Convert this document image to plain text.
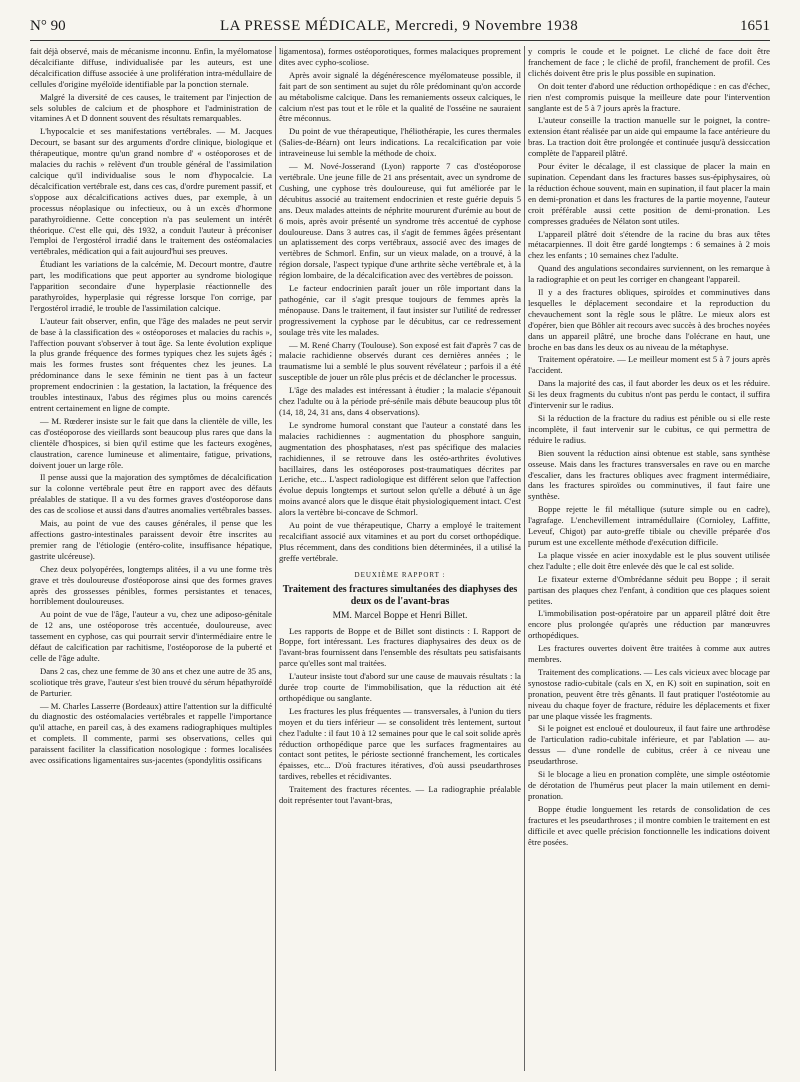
N° 90	LA PRESSE MÉDICALE, Mercredi, 9 Novembre 1938	1651

fait déjà observé, mais de mécanisme inconnu. Enfin, la myélomatose décalcifiante diffuse, individualisée par les auteurs, est une décalcification diffuse associée à une prolifération intra-médullaire de cellules d'origine myéloïde identifiable par la ponction sternale.

Malgré la diversité de ces causes, le traitement par l'injection de sels solubles de calcium et de phosphore et l'administration de vitamines A et D donnent souvent des résultats remarquables.

L'hypocalcie et ses manifestations vertébrales. — M. Jacques Decourt, se basant sur des arguments d'ordre clinique, biologique et thérapeutique, montre qu'un grand nombre d' « ostéoporoses et de malacies du rachis » relèvent d'un trouble général de l'assimilation calcique qu'il individualise sous le nom d'hypocalcie. La décalcification vertébrale est, dans ces cas, d'ordre purement passif, et s'oppose aux décalcifications actives dues, par exemple, à un processus néoplasique ou infectieux, ou à un excès d'hormone parathyroïdienne. Cette conception n'a pas seulement un intérêt théorique. C'est elle qui, dès 1932, a conduit l'auteur à préconiser l'emploi de l'ergostérol irradié dans le traitement des ostéomalacies vertébrales, médication qui a fait aujourd'hui ses preuves.

Étudiant les variations de la calcémie, M. Decourt montre, d'autre part, les modifications que peut apporter au syndrome biologique l'apparition secondaire d'une hyperplasie réactionnelle des parathyroïdes, hyperplasie qui régresse lorsque l'on corrige, par l'ergostérol irradié, le trouble de l'assimilation calcique.

L'auteur fait observer, enfin, que l'âge des malades ne peut servir de base à la classification des « ostéoporoses et malacies du rachis », l'affection pouvant s'observer à tout âge. Sa lente évolution explique la plus grande fréquence des formes typiques chez les sujets âgés ; mais les formes frustes sont fréquentes chez les jeunes. La prédominance dans le sexe féminin ne tient pas à un facteur proprement endocrinien : la gestation, la lactation, la fréquence des troubles intestinaux, l'abus des régimes plus ou moins carencés entrent certainement en ligne de compte.

— M. Rœderer insiste sur le fait que dans la clientèle de ville, les cas d'ostéoporose des vieillards sont beaucoup plus rares que dans la clientèle d'hospices, si bien qu'il estime que les facteurs exogènes, claustration, carence lumineuse et alimentaire, fatigue, privations, doivent jouer un large rôle.

Il pense aussi que la majoration des symptômes de décalcification sur la colonne vertébrale peut être en rapport avec des défauts préalables de statique. Il a vu des formes graves d'ostéoporose dans des cas de scoliose et aussi dans d'autres anomalies vertébrales basses.

Mais, au point de vue des causes générales, il pense que les affections gastro-intestinales paraissent devoir être inscrites au premier rang de l'étiologie (entéro-colite, insuffisance hépatique, gastrite ulcéreuse).

Chez deux polyopérées, longtemps alitées, il a vu une forme très grave et très douloureuse d'ostéoporose ainsi que des formes graves après des grossesses pénibles, formes persistantes et tenaces, horriblement douloureuses.

Au point de vue de l'âge, l'auteur a vu, chez une adiposo-génitale de 12 ans, une ostéoporose très accentuée, douloureuse, avec tassement en cyphose, cas qui pourrait servir d'intermédiaire entre le défaut de calcification par rachitisme, l'ostéoporose de la puberté et celle de l'âge adulte.

Dans 2 cas, chez une femme de 30 ans et chez une autre de 35 ans, scoliotique très grave, l'auteur s'est bien trouvé du sérum hépathyroïdé de Parturier.

— M. Charles Lasserre (Bordeaux) attire l'attention sur la difficulté du diagnostic des ostéomalacies vertébrales et rappelle l'importance qu'il attache, en pareil cas, à des examens radiographiques multiples et complets. Il commente, parmi ses observations, celles qui paraissent faciliter la classification nosologique : formes localisées avec ossifications ligamentaires sus-jacentes (spondylitis ossificans

ligamentosa), formes ostéoporotiques, formes malaciques proprement dites avec cypho-scoliose.

Après avoir signalé la dégénérescence myélomateuse possible, il fait part de son sentiment au sujet du rôle prédominant qu'on accorde au métabolisme calcique. Dans les remaniements osseux calciques, le calcium n'est pas tout et le rôle et la qualité de l'osséine ne sauraient être méconnus.

Du point de vue thérapeutique, l'héliothérapie, les cures thermales (Salies-de-Béarn) ont leurs indications. La recalcification par voie intraveineuse lui semble la méthode de choix.

— M. Nové-Josserand (Lyon) rapporte 7 cas d'ostéoporose vertébrale. Une jeune fille de 21 ans présentait, avec un syndrome de Cushing, une cyphose très douloureuse, qui fut améliorée par le décubitus associé au traitement endocrinien et reste guérie depuis 5 ans. Deux malades atteints de néphrite moururent d'urémie au bout de 6 mois, après avoir présenté un syndrome très accentué de cyphose douloureuse. Dans 3 autres cas, il s'agit de femmes âgées présentant un aplatissement des corps vertébraux, associé avec des images de vertèbres de Schmorl. Enfin, sur un vieux malade, on a trouvé, à la région dorsale, l'aspect typique d'une arthrite sèche vertébrale et, à la région lombaire, de la décalcification avec des vertèbres de poisson.

Le facteur endocrinien paraît jouer un rôle important dans la pathogénie, car il s'agit presque toujours de femmes après la ménopause. Dans le traitement, il faut insister sur l'utilité de redresser progressivement la cyphose par le décubitus, car ce redressement soulage très vite les malades.

— M. René Charry (Toulouse). Son exposé est fait d'après 7 cas de malacie rachidienne observés durant ces dernières années ; le traumatisme lui a semblé le plus souvent révélateur ; parfois il a été susceptible de jouer un rôle plus précis et de déclancher le processus.

L'âge des malades est intéressant à étudier ; la malacie s'épanouit chez l'adulte ou à la période pré-sénile mais débute beaucoup plus tôt (14, 18, 24, 31 ans, dans 4 observations).

Le syndrome humoral constant que l'auteur a constaté dans les malacies rachidiennes : augmentation du phosphore sanguin, augmentation des phosphatases, n'est pas spécifique des malacies rachidiennes, il se retrouve dans les ostéo-arthrites évolutives bacillaires, dans les ostéoporoses post-traumatiques décrites par Leriche, etc... L'aspect radiologique est différent selon que l'affection évolue depuis longtemps et surtout selon qu'elle a débuté à un âge moins avancé alors que le disque était physiologiquement intact. C'est alors la vertèbre bi-concave de Schmorl.

Au point de vue thérapeutique, Charry a employé le traitement recalcifiant associé aux vitamines et au port du corset orthopédique. Plus récemment, dans des conditions bien déterminées, il a utilisé la greffe vertébrale.

DEUXIÈME RAPPORT :
Traitement des fractures simultanées des diaphyses des deux os de l'avant-bras
MM. Marcel Boppe et Henri Billet.

Les rapports de Boppe et de Billet sont distincts : I. Rapport de Boppe, fort intéressant. Les fractures diaphysaires des deux os de l'avant-bras fournissent dans l'ensemble des résultats peu satisfaisants parce qu'elles sont mal traitées.

L'auteur insiste tout d'abord sur une cause de mauvais résultats : la durée trop courte de l'immobilisation, que la réduction ait été orthopédique ou sanglante.

Les fractures les plus fréquentes — transversales, à l'union du tiers moyen et du tiers inférieur — se consolident très lentement, surtout chez l'adulte : il faut 10 à 12 semaines pour que le cal soit solide après réduction orthopédique parce que les surfaces fragmentaires au contact sont petites, le périoste sectionné franchement, les corticales épaisses, etc... D'où fractures itératives, d'où aussi pseudarthroses tardives, rebelles et récidivantes.

Traitement des fractures récentes. — La radiographie préalable doit représenter tout l'avant-bras,

y compris le coude et le poignet. Le cliché de face doit être franchement de face ; le cliché de profil, franchement de profil. Ces clichés doivent être pris le plus possible en supination.

On doit tenter d'abord une réduction orthopédique : en cas d'échec, rien n'est compromis puisque la meilleure date pour l'intervention sanglante est de 5 à 7 jours après la fracture.

L'auteur conseille la traction manuelle sur le poignet, la contre-extension étant réalisée par un aide qui empaume la face antérieure du bras. La traction doit être prolongée et continuée jusqu'à dessiccation complète de l'appareil plâtré.

Pour éviter le décalage, il est classique de placer la main en supination. Cependant dans les fractures basses sus-épiphysaires, où la réduction échoue souvent, main en supination, il faut placer la main en demi-pronation et dans les fractures de la partie moyenne, l'auteur croit préférable aussi cette position de demi-pronation. Les compresses graduées de Nélaton sont utiles.

L'appareil plâtré doit s'étendre de la racine du bras aux têtes métacarpiennes. Il doit être gardé longtemps : 6 semaines à 2 mois chez les enfants ; 10 semaines chez l'adulte.

Quand des angulations secondaires surviennent, on les remarque à la radiographie et on peut les corriger en changeant l'appareil.

Il y a des fractures obliques, spiroïdes et comminutives dans lesquelles le déplacement secondaire et la reproduction du chevauchement sont la règle sous le plâtre. Le mieux alors est d'opérer, bien que Böhler ait recours avec succès à des broches noyées dans un appareil plâtré, une broche dans l'olécrane en haut, une broche en bas dans les deux os au niveau de la métaphyse.

Traitement opératoire. — Le meilleur moment est 5 à 7 jours après l'accident.

Dans la majorité des cas, il faut aborder les deux os et les réduire. Si les deux fragments du cubitus n'ont pas perdu le contact, il suffira d'intervenir sur le radius.

Si la réduction de la fracture du radius est pénible ou si elle reste incomplète, il faut intervenir sur le cubitus, ce qui permettra de réduire le radius.

Bien souvent la réduction ainsi obtenue est stable, sans synthèse osseuse. Mais dans les fractures transversales en rave ou en marche d'escalier, dans les fractures obliques avec fragment intermédiaire, dans les fractures spiroïdes ou comminutives, il faut faire une synthèse.

Boppe rejette le fil métallique (suture simple ou en cadre), l'agrafage. L'enchevillement intramédullaire (Cornioley, Laffitte, Leveuf, Chigot) par auto-greffe tibiale ou cheville préparée d'os purum est une excellente méthode d'exécution difficile.

La plaque vissée en acier inoxydable est le plus souvent utilisée chez l'adulte ; elle doit être enlevée dès que le cal est solide.

Le fixateur externe d'Ombrédanne séduit peu Boppe ; il serait partisan des plaques chez l'enfant, à condition que ces plaques soient petites.

L'immobilisation post-opératoire par un appareil plâtré doit être encore plus prolongée qu'après une réduction par manœuvres orthopédiques.

Les fractures ouvertes doivent être traitées à comme aux autres membres.

Traitement des complications. — Les cals vicieux avec blocage par synostose radio-cubitale (cals en X, en K) soit en supination, soit en pronation, peuvent être très gênants. Il faut pratiquer l'ostéotomie au niveau du chaque foyer de fracture, réduire les déplacements et fixer par une plaque vissée les fragments.

Si le poignet est encloué et douloureux, il faut faire une arthrodèse de l'articulation radio-cubitale inférieure, et par l'ablation — au-dessus — d'une rondelle de cubitus, créer à ce niveau une pseudarthrose.

Si le blocage a lieu en pronation complète, une simple ostéotomie de dérotation de l'humérus peut placer la main utilement en demi-pronation.

Boppe étudie longuement les retards de consolidation de ces fractures et les pseudarthroses ; il montre combien le traitement en est difficile et avec quelle précision fonctionnelle les indications doivent être posées.
